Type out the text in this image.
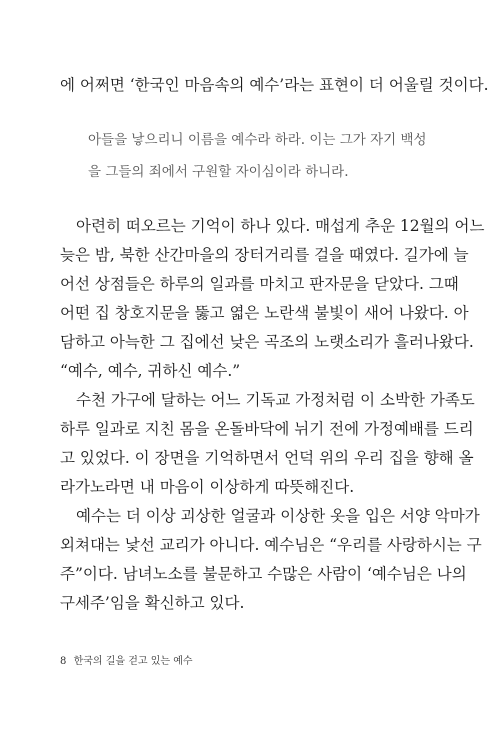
에 어쩌면 ‘한국인 마음속의 예수’라는 표현이 더 어울릴 것이다.
아들을 낳으리니 이름을 예수라 하라. 이는 그가 자기 백성
을 그들의 죄에서 구원할 자이심이라 하니라.
아련히 떠오르는 기억이 하나 있다. 매섭게 추운 12월의 어느
늦은 밤, 북한 산간마을의 장터거리를 걸을 때였다. 길가에 늘
어선 상점들은 하루의 일과를 마치고 판자문을 닫았다. 그때
어떤 집 창호지문을 뚫고 엷은 노란색 불빛이 새어 나왔다. 아
담하고 아늑한 그 집에선 낮은 곡조의 노랫소리가 흘러나왔다.
“예수, 예수, 귀하신 예수.”
수천 가구에 달하는 어느 기독교 가정처럼 이 소박한 가족도
하루 일과로 지친 몸을 온돌바닥에 뉘기 전에 가정예배를 드리
고 있었다. 이 장면을 기억하면서 언덕 위의 우리 집을 향해 올
라가노라면 내 마음이 이상하게 따뜻해진다.
예수는 더 이상 괴상한 얼굴과 이상한 옷을 입은 서양 악마가
외쳐대는 낯선 교리가 아니다. 예수님은 “우리를 사랑하시는 구
주”이다. 남녀노소를 불문하고 수많은 사람이 ‘예수님은 나의
구세주’임을 확신하고 있다.
8 한국의 길을 걷고 있는 예수
